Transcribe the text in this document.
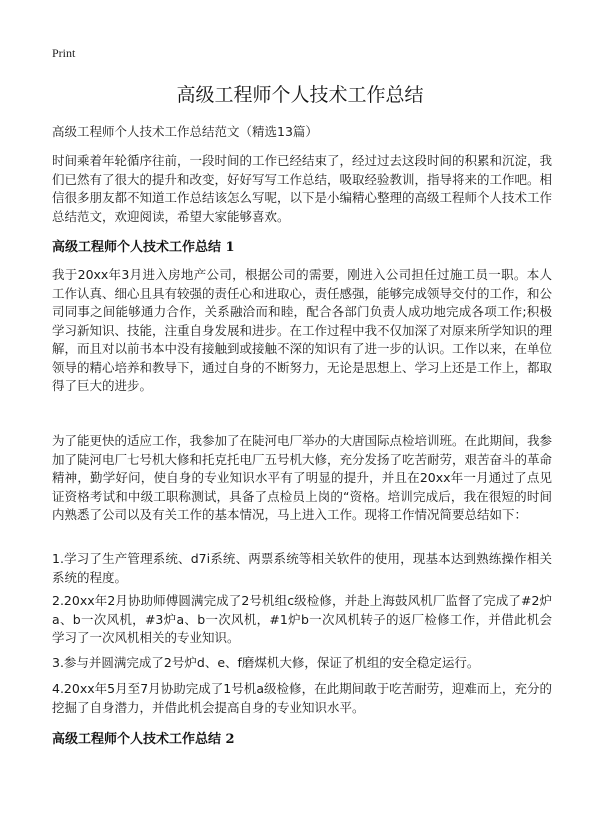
Print
高级工程师个人技术工作总结

高级工程师个人技术工作总结范文（精选13篇）

时间乘着年轮循序往前，一段时间的工作已经结束了，经过过去这段时间的积累和沉淀，我们已然有了很大的提升和改变，好好写写工作总结，吸取经验教训，指导将来的工作吧。相信很多朋友都不知道工作总结该怎么写呢，以下是小编精心整理的高级工程师个人技术工作总结范文，欢迎阅读，希望大家能够喜欢。

高级工程师个人技术工作总结 1

我于20xx年3月进入房地产公司，根据公司的需要，刚进入公司担任过施工员一职。本人工作认真、细心且具有较强的责任心和进取心，责任感强，能够完成领导交付的工作，和公司同事之间能够通力合作，关系融洽而和睦，配合各部门负责人成功地完成各项工作;积极学习新知识、技能，注重自身发展和进步。在工作过程中我不仅加深了对原来所学知识的理解，而且对以前书本中没有接触到或接触不深的知识有了进一步的认识。工作以来，在单位领导的精心培养和教导下，通过自身的不断努力，无论是思想上、学习上还是工作上，都取得了巨大的进步。

为了能更快的适应工作，我参加了在陡河电厂举办的大唐国际点检培训班。在此期间，我参加了陡河电厂七号机大修和托克托电厂五号机大修，充分发扬了吃苦耐劳，艰苦奋斗的革命精神，勤学好问，使自身的专业知识水平有了明显的提升，并且在20xx年一月通过了点见证资格考试和中级工职称测试，具备了点检员上岗的“资格。培训完成后，我在很短的时间内熟悉了公司以及有关工作的基本情况，马上进入工作。现将工作情况简要总结如下：

1.学习了生产管理系统、d7i系统、两票系统等相关软件的使用，现基本达到熟练操作相关系统的程度。

2.20xx年2月协助师傅圆满完成了2号机组c级检修，并赴上海鼓风机厂监督了完成了#2炉a、b一次风机，#3炉a、b一次风机，#1炉b一次风机转子的返厂检修工作，并借此机会学习了一次风机相关的专业知识。

3.参与并圆满完成了2号炉d、e、f磨煤机大修，保证了机组的安全稳定运行。

4.20xx年5月至7月协助完成了1号机a级检修，在此期间敢于吃苦耐劳，迎难而上，充分的挖掘了自身潜力，并借此机会提高自身的专业知识水平。

高级工程师个人技术工作总结 2
